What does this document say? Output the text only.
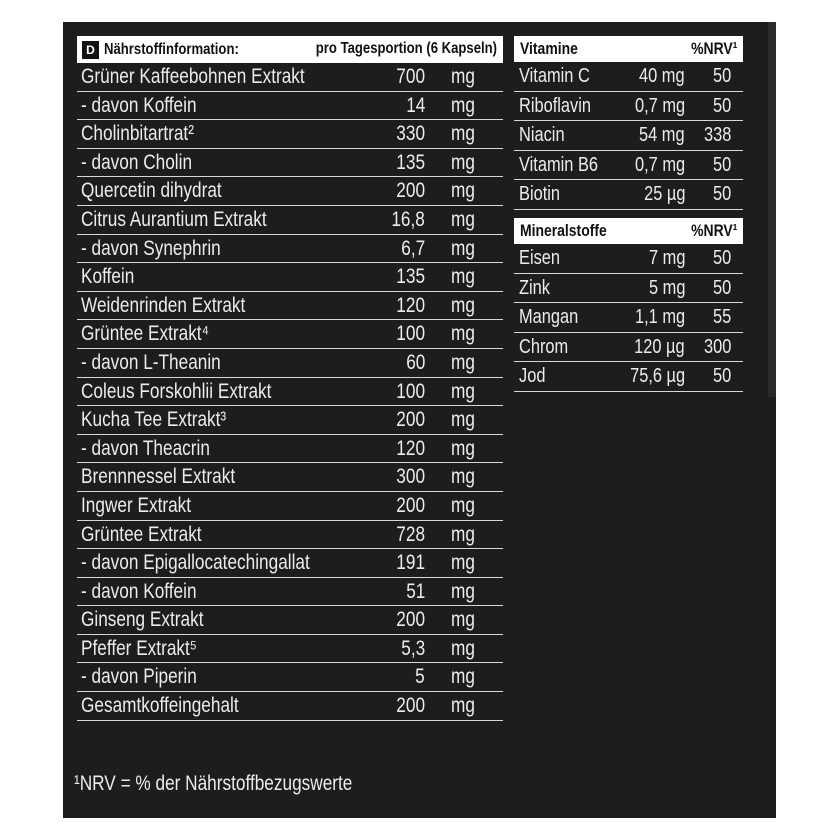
D Nährstoffinformation:	pro Tagesportion (6 Kapseln)
Grüner Kaffeebohnen Extrakt	700 mg
- davon Koffein	14 mg
Cholinbitartrat²	330 mg
- davon Cholin	135 mg
Quercetin dihydrat	200 mg
Citrus Aurantium Extrakt	16,8 mg
- davon Synephrin	6,7 mg
Koffein	135 mg
Weidenrinden Extrakt	120 mg
Grüntee Extrakt⁴	100 mg
- davon L-Theanin	60 mg
Coleus Forskohlii Extrakt	100 mg
Kucha Tee Extrakt³	200 mg
- davon Theacrin	120 mg
Brennnessel Extrakt	300 mg
Ingwer Extrakt	200 mg
Grüntee Extrakt	728 mg
- davon Epigallocatechingallat	191 mg
- davon Koffein	51 mg
Ginseng Extrakt	200 mg
Pfeffer Extrakt⁵	5,3 mg
- davon Piperin	5 mg
Gesamtkoffeingehalt	200 mg
Vitamine	%NRV¹
Vitamin C	40 mg 50
Riboflavin	0,7 mg 50
Niacin	54 mg 338
Vitamin B6	0,7 mg 50
Biotin	25 µg 50
Mineralstoffe	%NRV¹
Eisen	7 mg 50
Zink	5 mg 50
Mangan	1,1 mg 55
Chrom	120 µg 300
Jod	75,6 µg 50
¹NRV = % der Nährstoffbezugswerte
